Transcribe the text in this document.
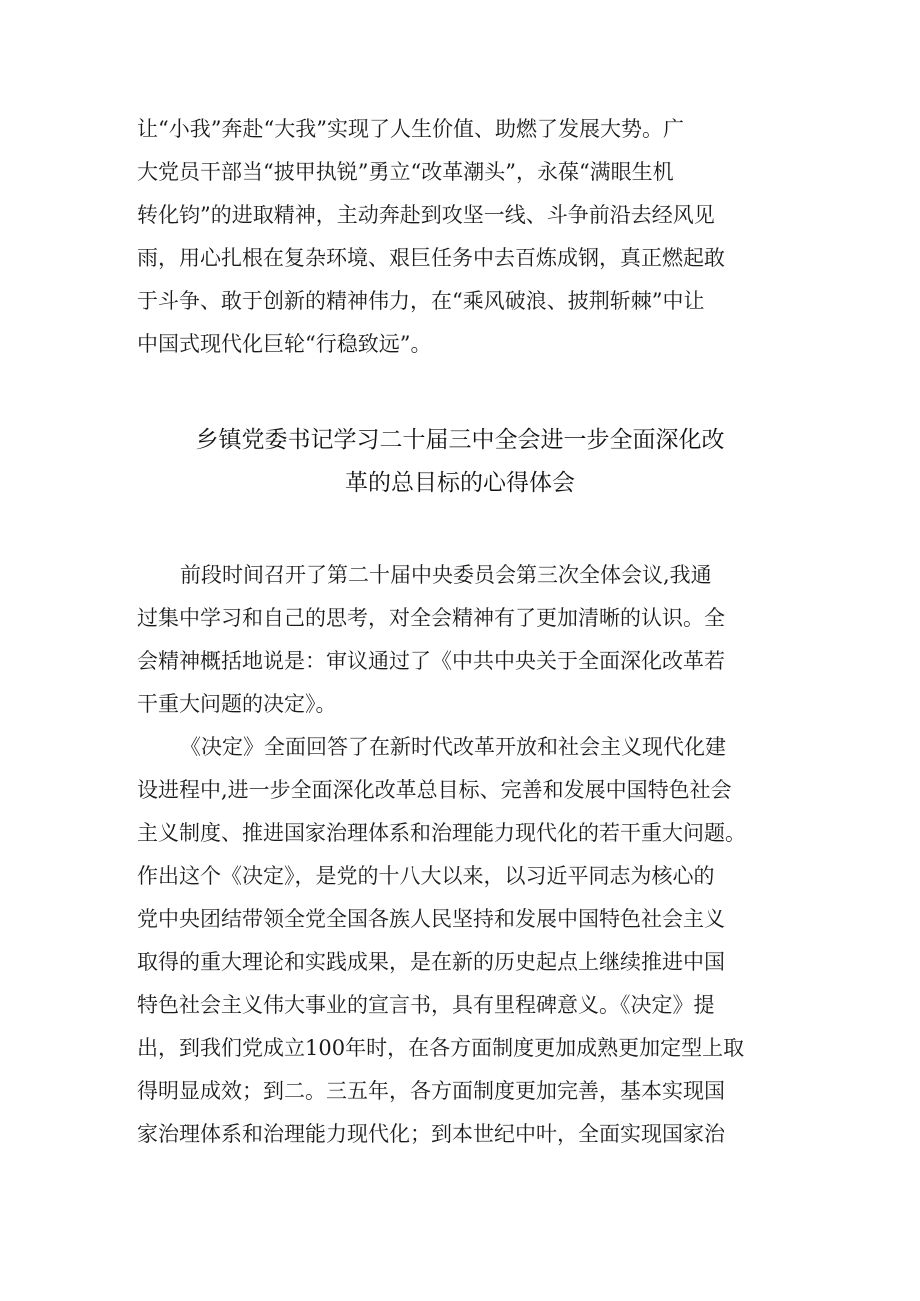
让“小我”奔赴“大我”实现了人生价值、助燃了发展大势。广
大党员干部当“披甲执锐”勇立“改革潮头”，永葆“满眼生机
转化钧”的进取精神，主动奔赴到攻坚一线、斗争前沿去经风见
雨，用心扎根在复杂环境、艰巨任务中去百炼成钢，真正燃起敢
于斗争、敢于创新的精神伟力，在“乘风破浪、披荆斩棘”中让
中国式现代化巨轮“行稳致远”。
乡镇党委书记学习二十届三中全会进一步全面深化改
革的总目标的心得体会
前段时间召开了第二十届中央委员会第三次全体会议,我通
过集中学习和自己的思考，对全会精神有了更加清晰的认识。全
会精神概括地说是：审议通过了《中共中央关于全面深化改革若
干重大问题的决定》。
《决定》全面回答了在新时代改革开放和社会主义现代化建
设进程中,进一步全面深化改革总目标、完善和发展中国特色社会
主义制度、推进国家治理体系和治理能力现代化的若干重大问题。
作出这个《决定》，是党的十八大以来，以习近平同志为核心的
党中央团结带领全党全国各族人民坚持和发展中国特色社会主义
取得的重大理论和实践成果，是在新的历史起点上继续推进中国
特色社会主义伟大事业的宣言书，具有里程碑意义。《决定》提
出，到我们党成立100年时，在各方面制度更加成熟更加定型上取
得明显成效；到二。三五年，各方面制度更加完善，基本实现国
家治理体系和治理能力现代化；到本世纪中叶，全面实现国家治
